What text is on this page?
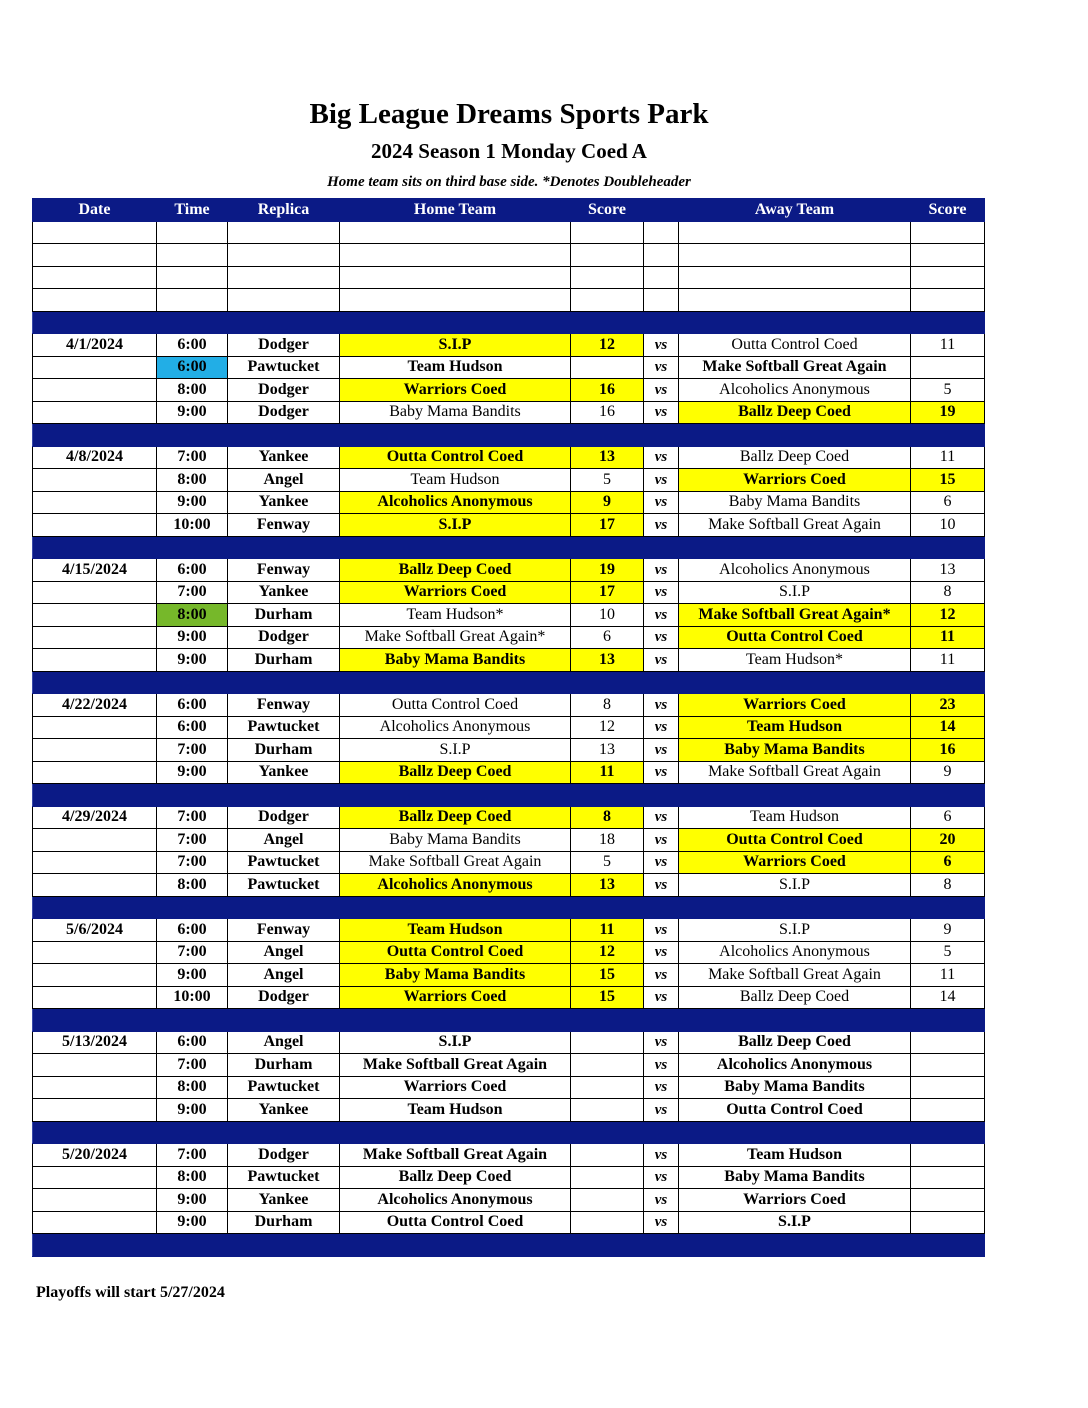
Big League Dreams Sports Park
2024 Season 1 Monday Coed A
Home team sits on third base side. *Denotes Doubleheader
Date	Time	Replica	Home Team	Score		Away Team	Score

4/1/2024	6:00	Dodger	S.I.P	12	vs	Outta Control Coed	11
	6:00	Pawtucket	Team Hudson		vs	Make Softball Great Again	
	8:00	Dodger	Warriors Coed	16	vs	Alcoholics Anonymous	5
	9:00	Dodger	Baby Mama Bandits	16	vs	Ballz Deep Coed	19

4/8/2024	7:00	Yankee	Outta Control Coed	13	vs	Ballz Deep Coed	11
	8:00	Angel	Team Hudson	5	vs	Warriors Coed	15
	9:00	Yankee	Alcoholics Anonymous	9	vs	Baby Mama Bandits	6
	10:00	Fenway	S.I.P	17	vs	Make Softball Great Again	10

4/15/2024	6:00	Fenway	Ballz Deep Coed	19	vs	Alcoholics Anonymous	13
	7:00	Yankee	Warriors Coed	17	vs	S.I.P	8
	8:00	Durham	Team Hudson*	10	vs	Make Softball Great Again*	12
	9:00	Dodger	Make Softball Great Again*	6	vs	Outta Control Coed	11
	9:00	Durham	Baby Mama Bandits	13	vs	Team Hudson*	11

4/22/2024	6:00	Fenway	Outta Control Coed	8	vs	Warriors Coed	23
	6:00	Pawtucket	Alcoholics Anonymous	12	vs	Team Hudson	14
	7:00	Durham	S.I.P	13	vs	Baby Mama Bandits	16
	9:00	Yankee	Ballz Deep Coed	11	vs	Make Softball Great Again	9

4/29/2024	7:00	Dodger	Ballz Deep Coed	8	vs	Team Hudson	6
	7:00	Angel	Baby Mama Bandits	18	vs	Outta Control Coed	20
	7:00	Pawtucket	Make Softball Great Again	5	vs	Warriors Coed	6
	8:00	Pawtucket	Alcoholics Anonymous	13	vs	S.I.P	8

5/6/2024	6:00	Fenway	Team Hudson	11	vs	S.I.P	9
	7:00	Angel	Outta Control Coed	12	vs	Alcoholics Anonymous	5
	9:00	Angel	Baby Mama Bandits	15	vs	Make Softball Great Again	11
	10:00	Dodger	Warriors Coed	15	vs	Ballz Deep Coed	14

5/13/2024	6:00	Angel	S.I.P		vs	Ballz Deep Coed	
	7:00	Durham	Make Softball Great Again		vs	Alcoholics Anonymous	
	8:00	Pawtucket	Warriors Coed		vs	Baby Mama Bandits	
	9:00	Yankee	Team Hudson		vs	Outta Control Coed	

5/20/2024	7:00	Dodger	Make Softball Great Again		vs	Team Hudson	
	8:00	Pawtucket	Ballz Deep Coed		vs	Baby Mama Bandits	
	9:00	Yankee	Alcoholics Anonymous		vs	Warriors Coed	
	9:00	Durham	Outta Control Coed		vs	S.I.P	

Playoffs will start 5/27/2024
